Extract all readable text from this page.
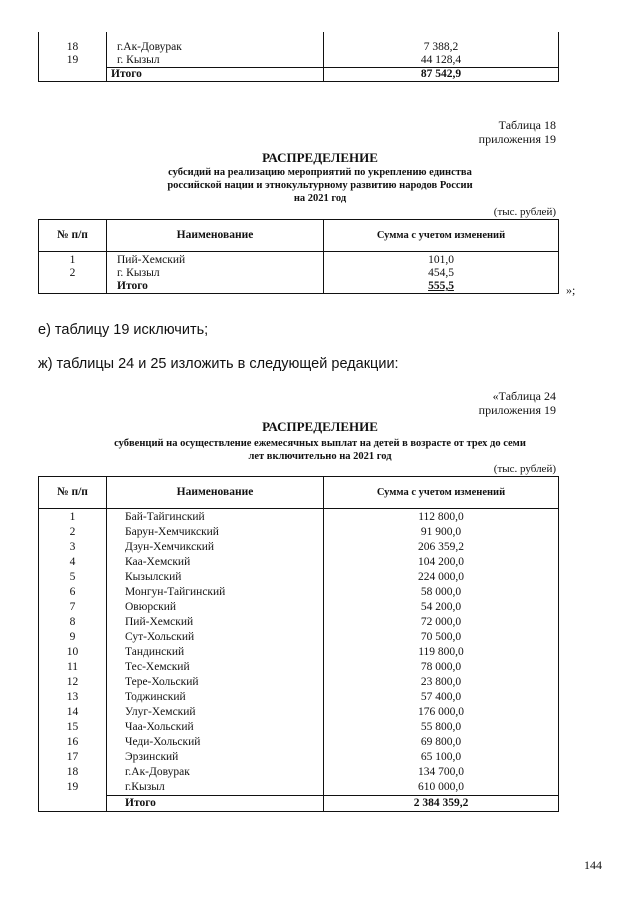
18	г.Ак-Довурак	7 388,2
19	г. Кызыл	44 128,4
	Итого	87 542,9
Таблица 18
приложения 19
РАСПРЕДЕЛЕНИЕ
субсидий на реализацию мероприятий по укреплению единства
российской нации и этнокультурному развитию народов России
на 2021 год
(тыс. рублей)
№ п/п	Наименование	Сумма с учетом изменений
1	Пий-Хемский	101,0
2	г. Кызыл	454,5
	Итого	555,5	»;
е) таблицу 19 исключить;
ж) таблицы 24 и 25 изложить в следующей редакции:
«Таблица 24
приложения 19
РАСПРЕДЕЛЕНИЕ
субвенций на осуществление ежемесячных выплат на детей в возрасте от трех до семи
лет включительно на 2021 год
(тыс. рублей)
№ п/п	Наименование	Сумма с учетом изменений
1	Бай-Тайгинский	112 800,0
2	Барун-Хемчикский	91 900,0
3	Дзун-Хемчикский	206 359,2
4	Каа-Хемский	104 200,0
5	Кызылский	224 000,0
6	Монгун-Тайгинский	58 000,0
7	Овюрский	54 200,0
8	Пий-Хемский	72 000,0
9	Сут-Хольский	70 500,0
10	Тандинский	119 800,0
11	Тес-Хемский	78 000,0
12	Тере-Хольский	23 800,0
13	Тоджинский	57 400,0
14	Улуг-Хемский	176 000,0
15	Чаа-Хольский	55 800,0
16	Чеди-Хольский	69 800,0
17	Эрзинский	65 100,0
18	г.Ак-Довурак	134 700,0
19	г.Кызыл	610 000,0
	Итого	2 384 359,2
144
